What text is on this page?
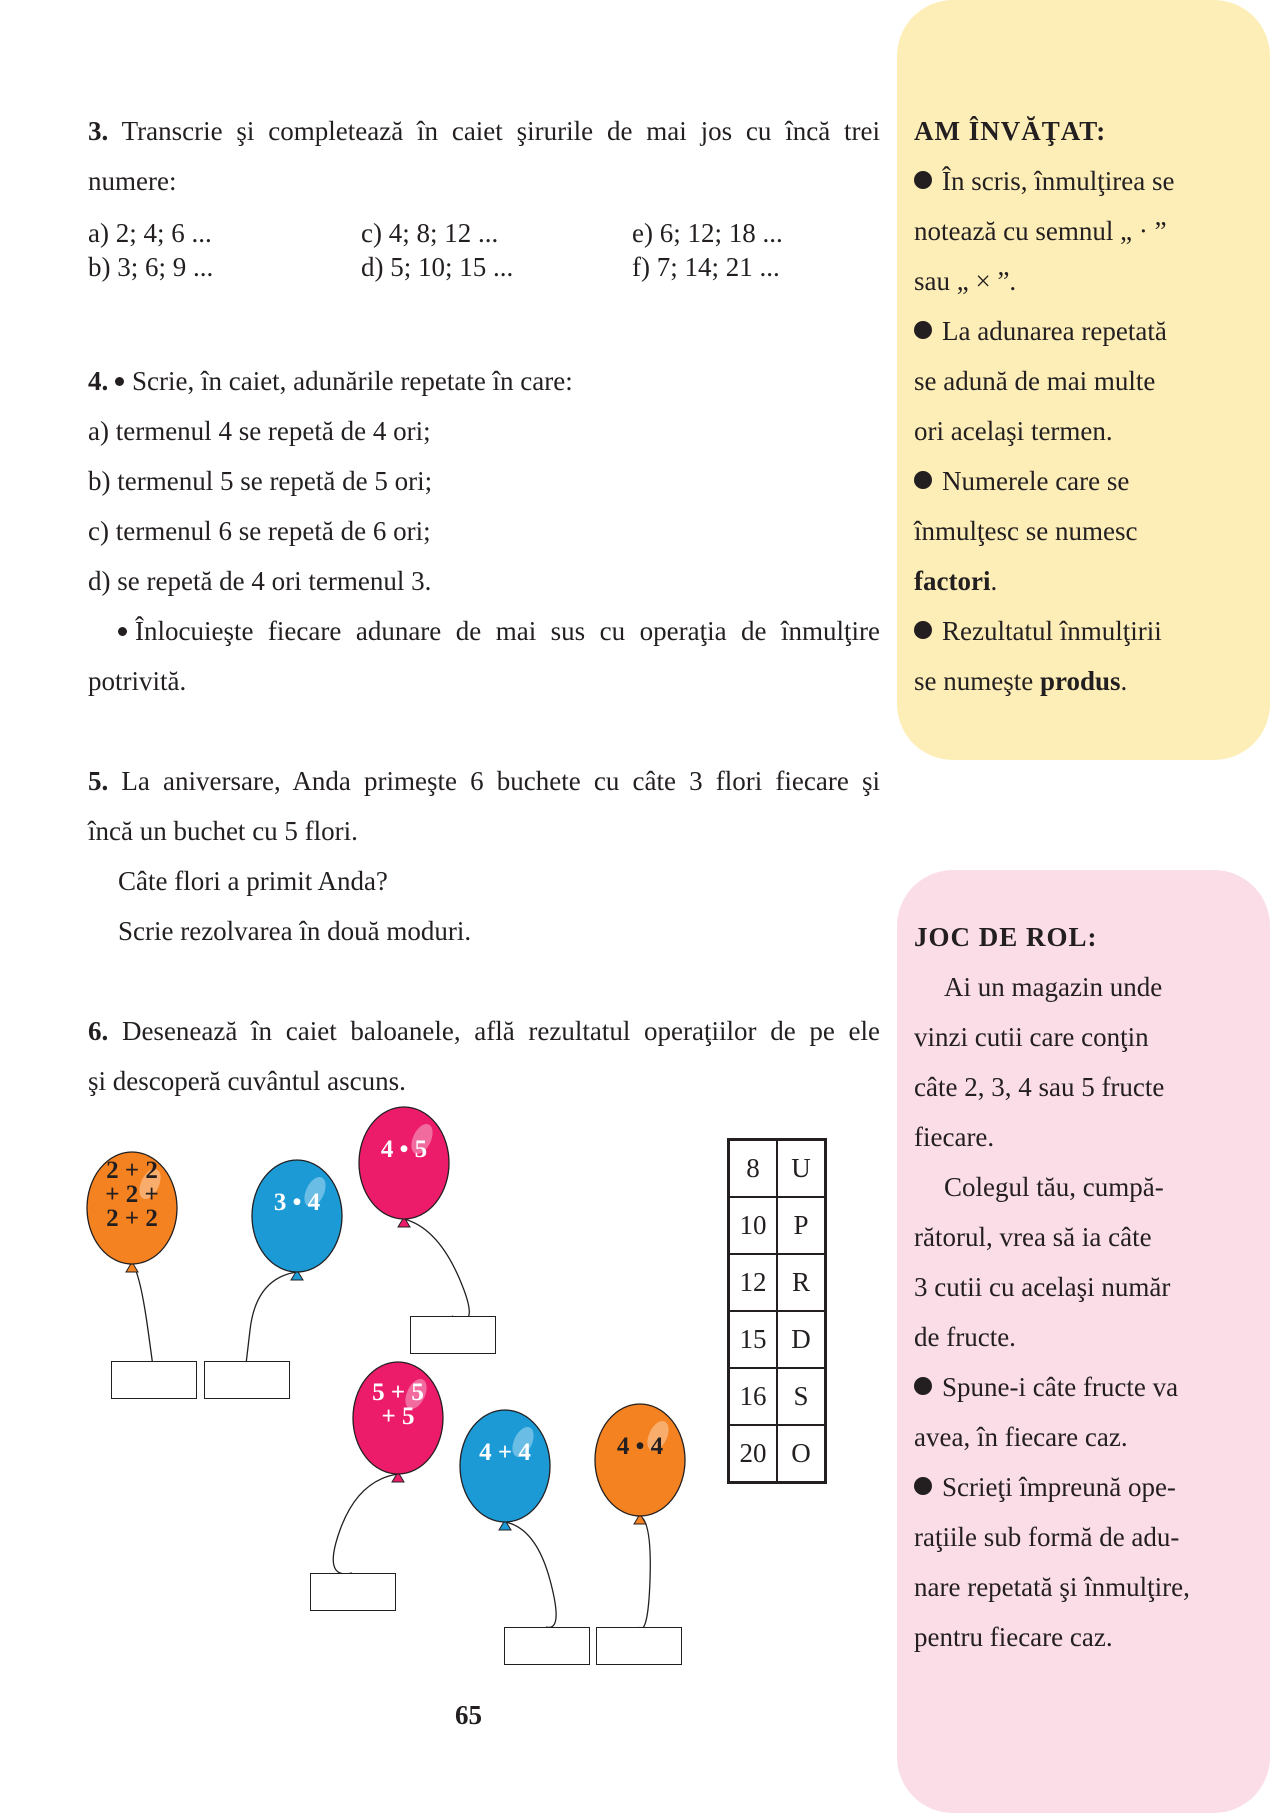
3. Transcrie şi completează în caiet şirurile de mai jos cu încă trei
numere:
a) 2; 4; 6 ...
b) 3; 6; 9 ...
c) 4; 8; 12 ...
d) 5; 10; 15 ...
e) 6; 12; 18 ...
f) 7; 14; 21 ...
4. Scrie, în caiet, adunările repetate în care:
a) termenul 4 se repetă de 4 ori;
b) termenul 5 se repetă de 5 ori;
c) termenul 6 se repetă de 6 ori;
d) se repetă de 4 ori termenul 3.
Înlocuieşte fiecare adunare de mai sus cu operaţia de înmulţire
potrivită.
5. La aniversare, Anda primeşte 6 buchete cu câte 3 flori fiecare şi
încă un buchet cu 5 flori.
Câte flori a primit Anda?
Scrie rezolvarea în două moduri.
6. Desenează în caiet baloanele, află rezultatul operaţiilor de pe ele
şi descoperă cuvântul ascuns.
2 + 2
+ 2 +
2 + 2
3 • 4
4 • 5
5 + 5
+ 5
4 + 4	4 • 4
8	U
10	P
12	R
15	D
16	S
20	O
65
AM ÎNVĂŢAT:
În scris, înmulţirea se
notează cu semnul „ · ”
sau „ × ”.
La adunarea repetată
se adună de mai multe
ori acelaşi termen.
Numerele care se
înmulţesc se numesc
factori.
Rezultatul înmulţirii
se numeşte produs.
JOC DE ROL:
Ai un magazin unde
vinzi cutii care conţin
câte 2, 3, 4 sau 5 fructe
fiecare.
Colegul tău, cumpă-
rătorul, vrea să ia câte
3 cutii cu acelaşi număr
de fructe.
Spune-i câte fructe va
avea, în fiecare caz.
Scrieţi împreună ope-
raţiile sub formă de adu-
nare repetată şi înmulţire,
pentru fiecare caz.
